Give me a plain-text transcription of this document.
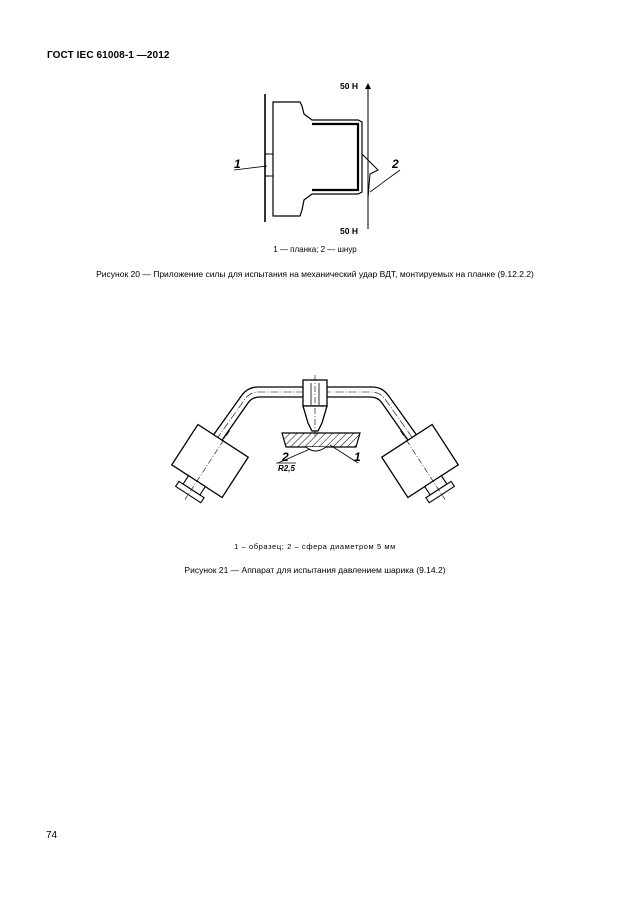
ГОСТ IEC 61008-1 —2012
1	2
50 Н
50 Н
1 — планка; 2 — шнур
Рисунок 20 — Приложение силы для испытания на механический удар ВДТ, монтируемых на планке (9.12.2.2)
2	1
R2,5
1 – образец; 2 – сфера диаметром 5 мм
Рисунок 21 — Аппарат для испытания давлением шарика (9.14.2)
74
